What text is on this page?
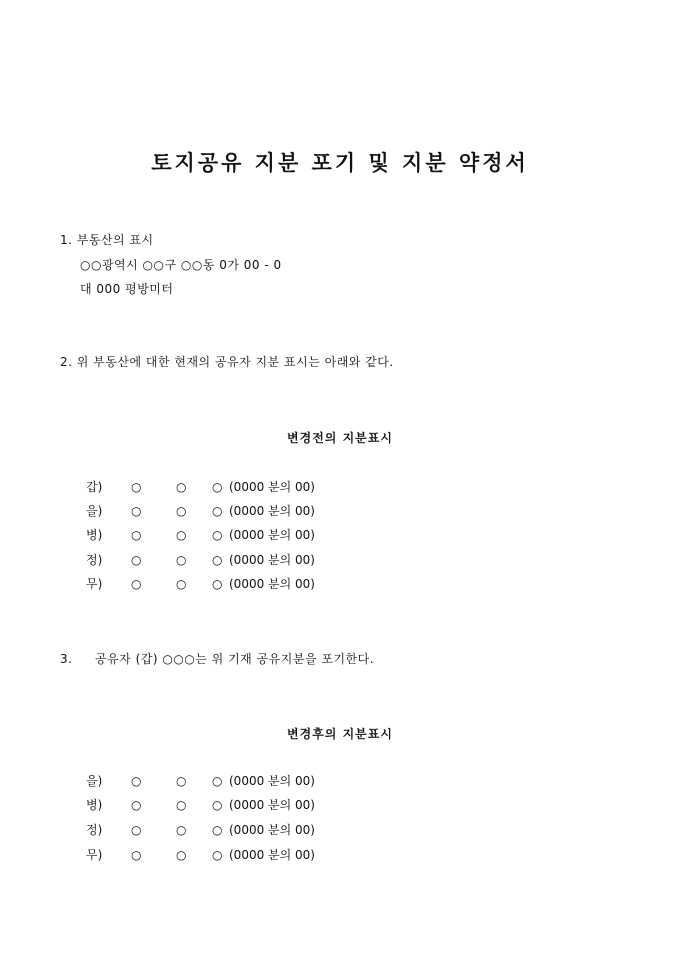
토지공유 지분 포기 및 지분 약정서
1. 부동산의 표시
○○광역시 ○○구 ○○동 0가 00 - 0
대 000 평방미터
2. 위 부동산에 대한 현재의 공유자 지분 표시는 아래와 같다.
변경전의 지분표시
갑) ○	○ ○ (0000 분의 00)
을) ○	○ ○ (0000 분의 00)
병) ○	○ ○ (0000 분의 00)
정) ○	○ ○ (0000 분의 00)
무) ○	○ ○ (0000 분의 00)
3. 공유자 (갑) ○○○는 위 기재 공유지분을 포기한다.
변경후의 지분표시
을) ○	○ ○ (0000 분의 00)
병) ○	○ ○ (0000 분의 00)
정) ○	○ ○ (0000 분의 00)
무) ○	○ ○ (0000 분의 00)
